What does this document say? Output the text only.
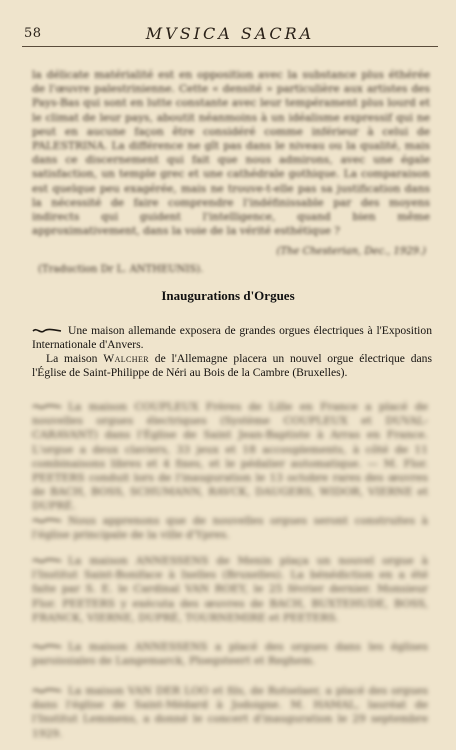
58	MVSICA SACRA
la délicate matérialité est en opposition avec la substance plus éthérée de l'œuvre palestrinienne. Cette « densité » particulière aux artistes des Pays-Bas qui sont en lutte constante avec leur tempérament plus lourd et le climat de leur pays, aboutit néanmoins à un idéalisme expressif qui ne peut en aucune façon être considéré comme inférieur à celui de PALESTRINA. La différence ne gît pas dans le niveau ou la qualité, mais dans ce discernement qui fait que nous admirons, avec une égale satisfaction, un temple grec et une cathédrale gothique. La comparaison est quelque peu exagérée, mais ne trouve-t-elle pas sa justification dans la nécessité de faire comprendre l'indéfinissable par des moyens indirects qui guident l'intelligence, quand bien même approximativement, dans la voie de la vérité esthétique ?
(The Chesterian, Dec., 1929.)
(Traduction Dr L. ANTHEUNIS).
Inaugurations d'Orgues
Une maison allemande exposera de grandes orgues électriques à l'Exposition Internationale d'Anvers.
La maison Walcher de l'Allemagne placera un nouvel orgue électrique dans l'Église de Saint-Philippe de Néri au Bois de la Cambre (Bruxelles).
La maison COUPLEUX Frères de Lille en France a placé de nouvelles orgues électriques (Système COUPLEUX et DUVAL-CARAVANT) dans l'Église de Saint Jean-Baptiste à Arras en France. L'orgue a deux claviers, 33 jeux et 18 accouplements, à côté de 11 combinaisons libres et 4 fixes, et le pédalier automatique. — M. Flor. PEETERS conduit lors de l'inauguration le 13 octobre rares des œuvres de BACH, BOSS, SCHUMANN, RAVCK, DAUGERS, WIDOR, VIERNE et DUPRÉ.
Nous apprenons que de nouvelles orgues seront construites à l'église principale de la ville d'Ypres.
La maison ANNESSENS de Menin plaça un nouvel orgue à l'Institut Saint-Boniface à Ixelles (Bruxelles). La bénédiction en a été faite par S. E. le Cardinal VAN ROEY, le 25 février dernier. Monsieur Flor. PEETERS y exécuta des œuvres de BACH, BUXTEHUDE, BOSS, FRANCK, VIERNE, DUPRÉ, TOURNEMIRE et PEETERS.
La maison ANNESSENS a placé des orgues dans les églises paroissiales de Langemarck, Ploegsteert et Reghem.
La maison VAN DER LOO et fils, de Rotselaer, a placé des orgues dans l'église de Saint-Médard à Jodoigne. M. HAMAL, lauréat de l'Institut Lemmens, a donné le concert d'inauguration le 29 septembre 1929.
